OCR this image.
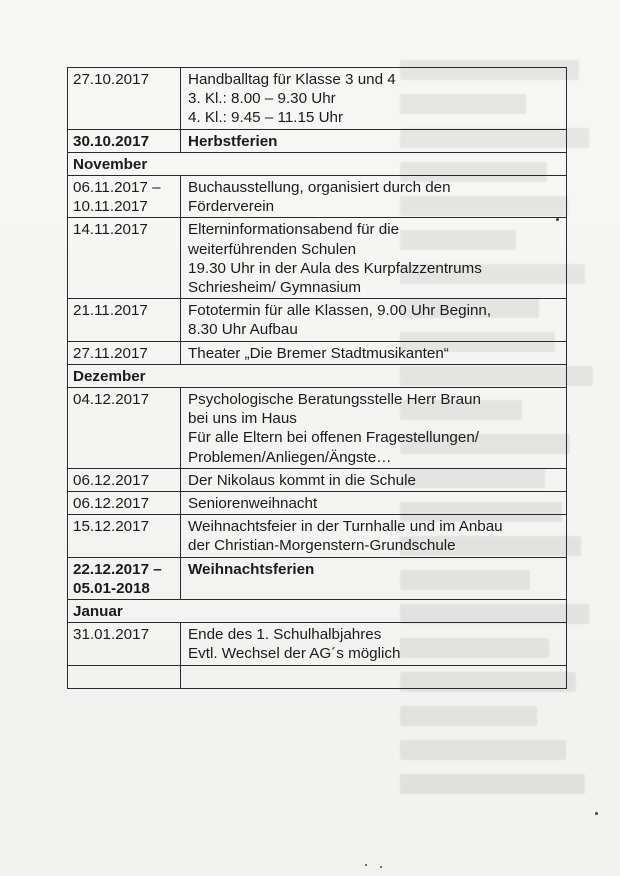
27.10.2017	Handballtag für Klasse 3 und 4
3. Kl.: 8.00 – 9.30 Uhr
4. Kl.: 9.45 – 11.15 Uhr

30.10.2017	Herbstferien

November	

06.11.2017 –
10.11.2017	Buchausstellung, organisiert durch den
Förderverein

14.11.2017	Elterninformationsabend für die
weiterführenden Schulen
19.30 Uhr in der Aula des Kurpfalzzentrums
Schriesheim/ Gymnasium

21.11.2017	Fototermin für alle Klassen, 9.00 Uhr Beginn,
8.30 Uhr Aufbau

27.11.2017	Theater „Die Bremer Stadtmusikanten“

Dezember	

04.12.2017	Psychologische Beratungsstelle Herr Braun
bei uns im Haus
Für alle Eltern bei offenen Fragestellungen/
Problemen/Anliegen/Ängste…

06.12.2017	Der Nikolaus kommt in die Schule

06.12.2017	Seniorenweihnacht

15.12.2017	Weihnachtsfeier in der Turnhalle und im Anbau
der Christian-Morgenstern-Grundschule

22.12.2017 –
05.01-2018	Weihnachtsferien

Januar	

31.01.2017	Ende des 1. Schulhalbjahres
Evtl. Wechsel der AG´s möglich
